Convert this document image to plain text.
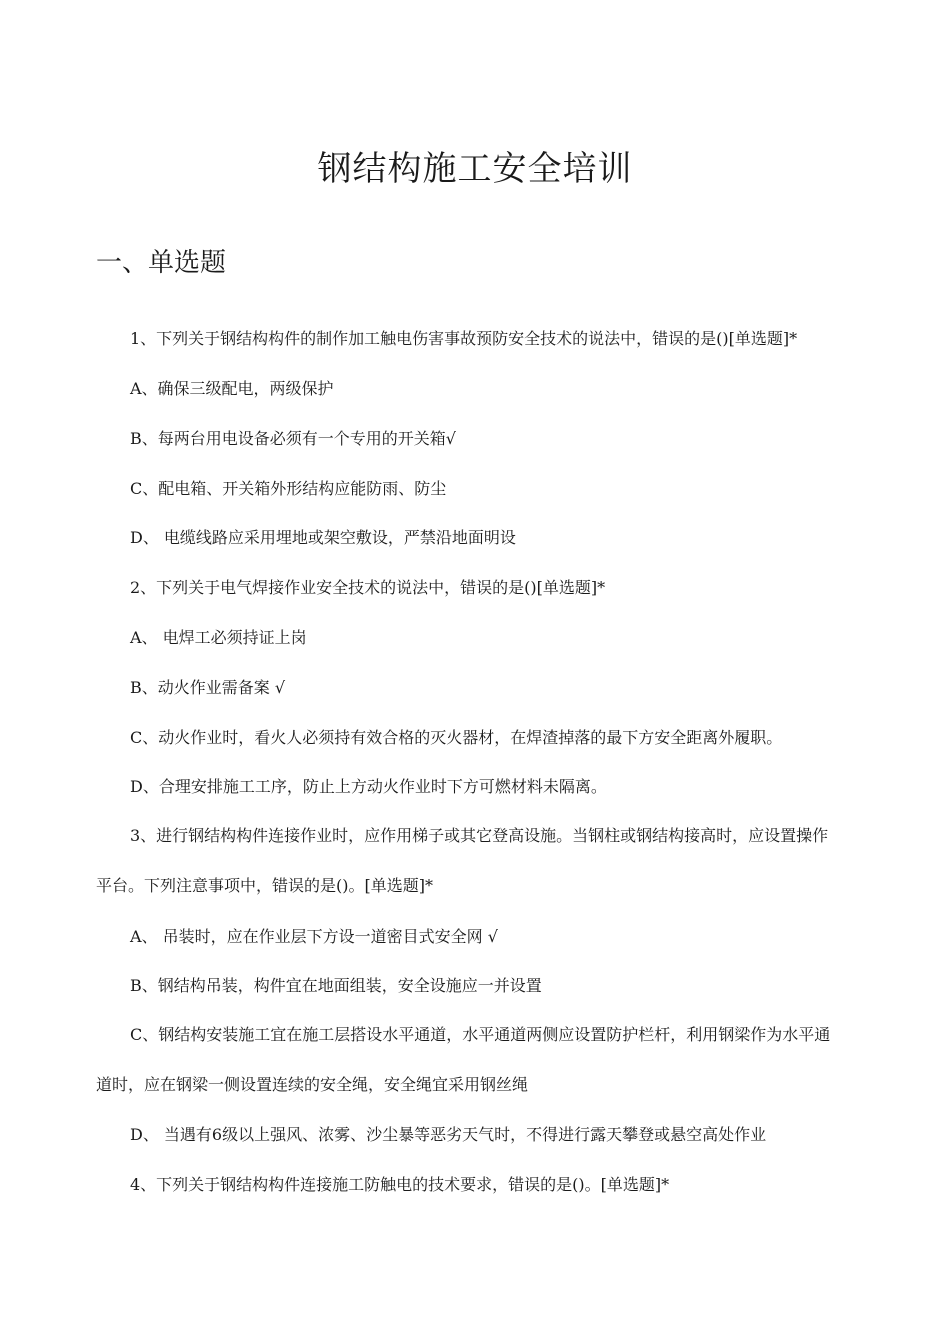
钢结构施工安全培训
一、单选题

1、下列关于钢结构构件的制作加工触电伤害事故预防安全技术的说法中，错误的是()[单选题]*

A、确保三级配电，两级保护

B、每两台用电设备必须有一个专用的开关箱√

C、配电箱、开关箱外形结构应能防雨、防尘

D、 电缆线路应采用埋地或架空敷设，严禁沿地面明设

2、下列关于电气焊接作业安全技术的说法中，错误的是()[单选题]*

A、 电焊工必须持证上岗

B、动火作业需备案 √

C、动火作业时，看火人必须持有效合格的灭火器材，在焊渣掉落的最下方安全距离外履职。

D、合理安排施工工序，防止上方动火作业时下方可燃材料未隔离。

3、进行钢结构构件连接作业时，应作用梯子或其它登高设施。当钢柱或钢结构接高时，应设置操作

平台。下列注意事项中，错误的是()。[单选题]*

A、 吊装时，应在作业层下方设一道密目式安全网 √

B、钢结构吊装，构件宜在地面组装，安全设施应一并设置

C、钢结构安装施工宜在施工层搭设水平通道，水平通道两侧应设置防护栏杆，利用钢梁作为水平通

道时，应在钢梁一侧设置连续的安全绳，安全绳宜采用钢丝绳

D、 当遇有6级以上强风、浓雾、沙尘暴等恶劣天气时，不得进行露天攀登或悬空高处作业

4、下列关于钢结构构件连接施工防触电的技术要求，错误的是()。[单选题]*
